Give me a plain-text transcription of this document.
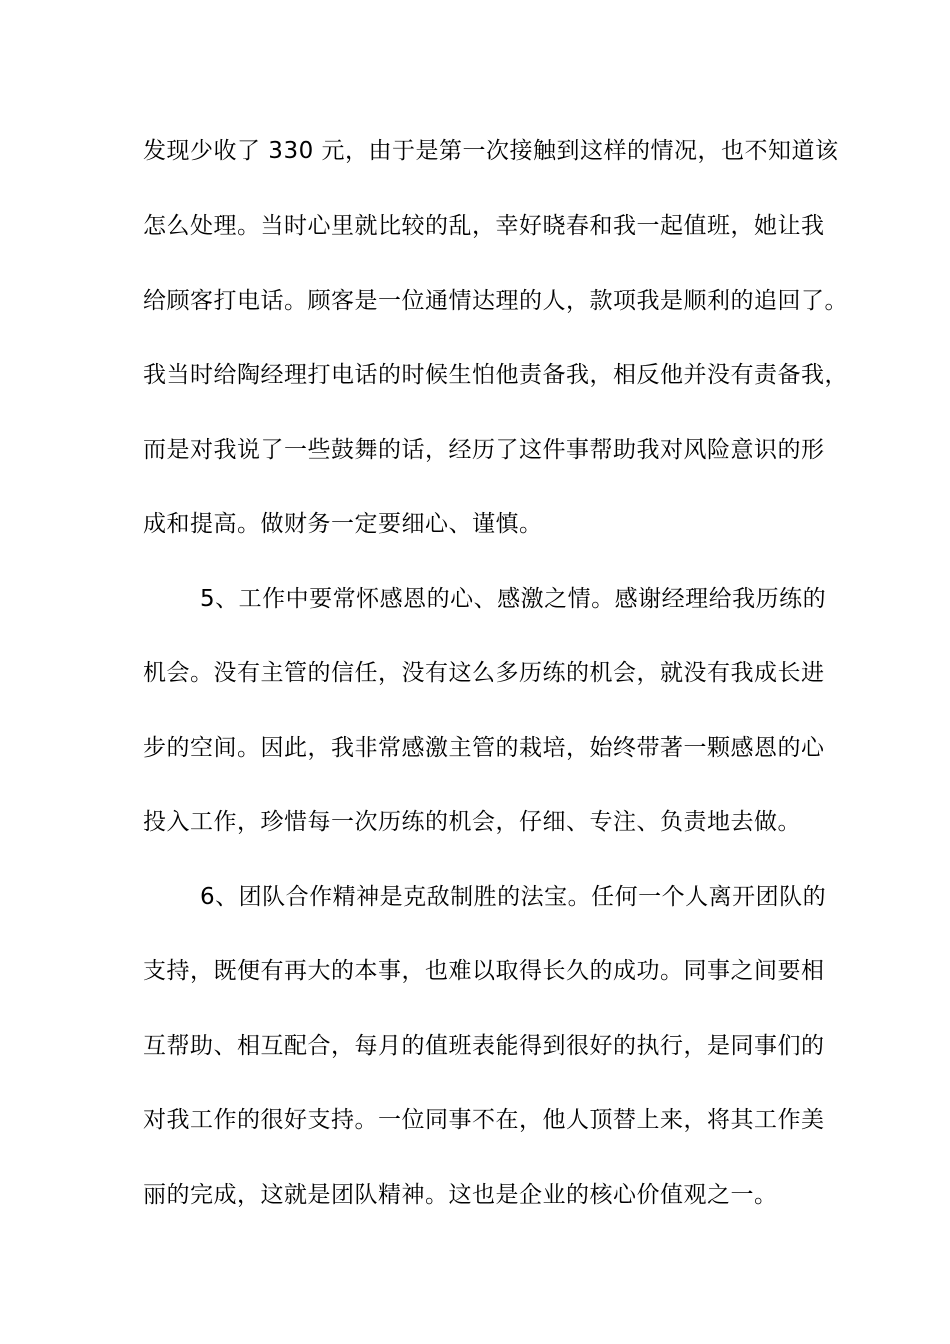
发现少收了 330 元，由于是第一次接触到这样的情况，也不知道该
怎么处理。当时心里就比较的乱，幸好晓春和我一起值班，她让我
给顾客打电话。顾客是一位通情达理的人，款项我是顺利的追回了。
我当时给陶经理打电话的时候生怕他责备我，相反他并没有责备我，
而是对我说了一些鼓舞的话，经历了这件事帮助我对风险意识的形
成和提高。做财务一定要细心、谨慎。
5、工作中要常怀感恩的心、感激之情。感谢经理给我历练的
机会。没有主管的信任，没有这么多历练的机会，就没有我成长进
步的空间。因此，我非常感激主管的栽培，始终带著一颗感恩的心
投入工作，珍惜每一次历练的机会，仔细、专注、负责地去做。
6、团队合作精神是克敌制胜的法宝。任何一个人离开团队的
支持，既便有再大的本事，也难以取得长久的成功。同事之间要相
互帮助、相互配合，每月的值班表能得到很好的执行，是同事们的
对我工作的很好支持。一位同事不在，他人顶替上来，将其工作美
丽的完成，这就是团队精神。这也是企业的核心价值观之一。
